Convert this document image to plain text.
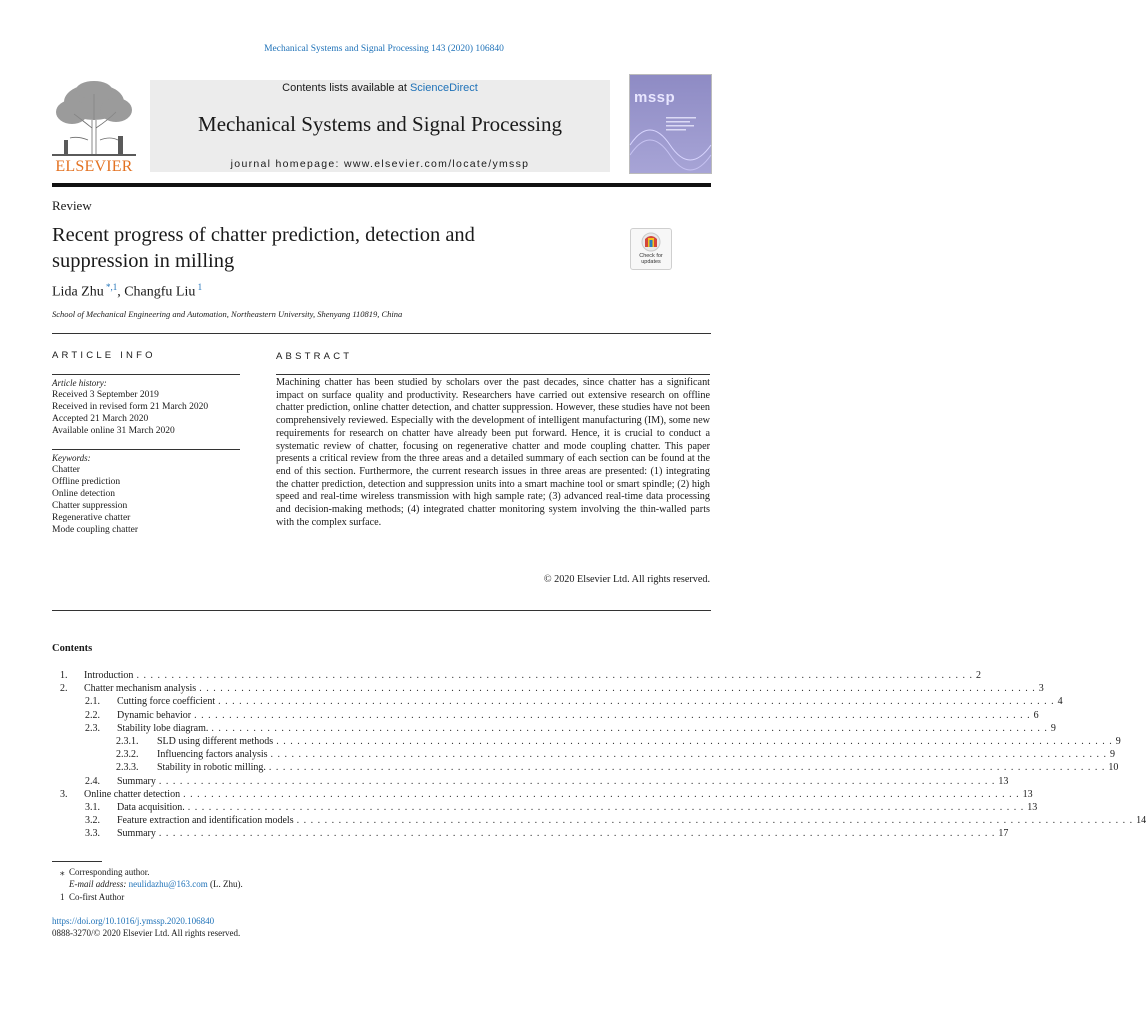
Mechanical Systems and Signal Processing 143 (2020) 106840
ELSEVIER
Contents lists available at ScienceDirect
Mechanical Systems and Signal Processing
journal homepage: www.elsevier.com/locate/ymssp
mssp
Review
Recent progress of chatter prediction, detection and suppression in milling	Check for updates
Lida Zhu $^{*,1}$, Changfu Liu $^1$
School of Mechanical Engineering and Automation, Northeastern University, Shenyang 110819, China
ARTICLE INFO
Article history:
Received 3 September 2019
Received in revised form 21 March 2020
Accepted 21 March 2020
Available online 31 March 2020
Keywords:
Chatter
Offline prediction
Online detection
Chatter suppression
Regenerative chatter
Mode coupling chatter
ABSTRACT
Machining chatter has been studied by scholars over the past decades, since chatter has a significant impact on surface quality and productivity. Researchers have carried out extensive research on offline chatter prediction, online chatter detection, and chatter suppression. However, these studies have not been comprehensively reviewed. Especially with the development of intelligent manufacturing (IM), some new requirements for research on chatter have already been put forward. Hence, it is crucial to conduct a systematic review of chatter, focusing on regenerative chatter and mode coupling chatter. This paper presents a critical review from the three areas and a detailed summary of each section can be found at the end of this section. Furthermore, the current research issues in three areas are presented: (1) integrating the chatter prediction, detection and suppression units into a smart machine tool or smart spindle; (2) high speed and real-time wireless transmission with high sample rate; (3) advanced real-time data processing and decision-making methods; (4) integrated chatter monitoring system involving the thin-walled parts with the complex surface.
© 2020 Elsevier Ltd. All rights reserved.
Contents
1.	Introduction . . . . . . . . . . . . . . . . . . . . . . . . . . . . . . . . . . . . . . . . . . . . . . . . . . . . . . . . . . . . . . . . . . . . . . . . . . . . . . . . . . . . . . . . . . . . . . . . . . . . . . . . . . . . . . . . . . . . . . . . 2
2.	Chatter mechanism analysis . . . . . . . . . . . . . . . . . . . . . . . . . . . . . . . . . . . . . . . . . . . . . . . . . . . . . . . . . . . . . . . . . . . . . . . . . . . . . . . . . . . . . . . . . . . . . . . . . . . . . . . . . . . . . . . . . . . . . . . . 3
2.1.	Cutting force coefficient . . . . . . . . . . . . . . . . . . . . . . . . . . . . . . . . . . . . . . . . . . . . . . . . . . . . . . . . . . . . . . . . . . . . . . . . . . . . . . . . . . . . . . . . . . . . . . . . . . . . . . . . . . . . . . . . . . . . . . . . 4
2.2.	Dynamic behavior . . . . . . . . . . . . . . . . . . . . . . . . . . . . . . . . . . . . . . . . . . . . . . . . . . . . . . . . . . . . . . . . . . . . . . . . . . . . . . . . . . . . . . . . . . . . . . . . . . . . . . . . . . . . . . . . . . . . . . . . 6
2.3.	Stability lobe diagram. . . . . . . . . . . . . . . . . . . . . . . . . . . . . . . . . . . . . . . . . . . . . . . . . . . . . . . . . . . . . . . . . . . . . . . . . . . . . . . . . . . . . . . . . . . . . . . . . . . . . . . . . . . . . . . . . . . . . . . . . 9
2.3.1.	SLD using different methods . . . . . . . . . . . . . . . . . . . . . . . . . . . . . . . . . . . . . . . . . . . . . . . . . . . . . . . . . . . . . . . . . . . . . . . . . . . . . . . . . . . . . . . . . . . . . . . . . . . . . . . . . . . . . . . . . . . . . . . . 9
2.3.2.	Influencing factors analysis . . . . . . . . . . . . . . . . . . . . . . . . . . . . . . . . . . . . . . . . . . . . . . . . . . . . . . . . . . . . . . . . . . . . . . . . . . . . . . . . . . . . . . . . . . . . . . . . . . . . . . . . . . . . . . . . . . . . . . . . 9
2.3.3.	Stability in robotic milling. . . . . . . . . . . . . . . . . . . . . . . . . . . . . . . . . . . . . . . . . . . . . . . . . . . . . . . . . . . . . . . . . . . . . . . . . . . . . . . . . . . . . . . . . . . . . . . . . . . . . . . . . . . . . . . . . . . . . . . . . 10
2.4.	Summary . . . . . . . . . . . . . . . . . . . . . . . . . . . . . . . . . . . . . . . . . . . . . . . . . . . . . . . . . . . . . . . . . . . . . . . . . . . . . . . . . . . . . . . . . . . . . . . . . . . . . . . . . . . . . . . . . . . . . . . . 13
3.	Online chatter detection . . . . . . . . . . . . . . . . . . . . . . . . . . . . . . . . . . . . . . . . . . . . . . . . . . . . . . . . . . . . . . . . . . . . . . . . . . . . . . . . . . . . . . . . . . . . . . . . . . . . . . . . . . . . . . . . . . . . . . . . 13
3.1.	Data acquisition. . . . . . . . . . . . . . . . . . . . . . . . . . . . . . . . . . . . . . . . . . . . . . . . . . . . . . . . . . . . . . . . . . . . . . . . . . . . . . . . . . . . . . . . . . . . . . . . . . . . . . . . . . . . . . . . . . . . . . . . . 13
3.2.	Feature extraction and identification models . . . . . . . . . . . . . . . . . . . . . . . . . . . . . . . . . . . . . . . . . . . . . . . . . . . . . . . . . . . . . . . . . . . . . . . . . . . . . . . . . . . . . . . . . . . . . . . . . . . . . . . . . . . . . . . . . . . . . . . . 14
3.3.	Summary . . . . . . . . . . . . . . . . . . . . . . . . . . . . . . . . . . . . . . . . . . . . . . . . . . . . . . . . . . . . . . . . . . . . . . . . . . . . . . . . . . . . . . . . . . . . . . . . . . . . . . . . . . . . . . . . . . . . . . . . 17
⁎ Corresponding author.
E-mail address: neulidazhu@163.com (L. Zhu).
1 Co-first Author
https://doi.org/10.1016/j.ymssp.2020.106840
0888-3270/© 2020 Elsevier Ltd. All rights reserved.
